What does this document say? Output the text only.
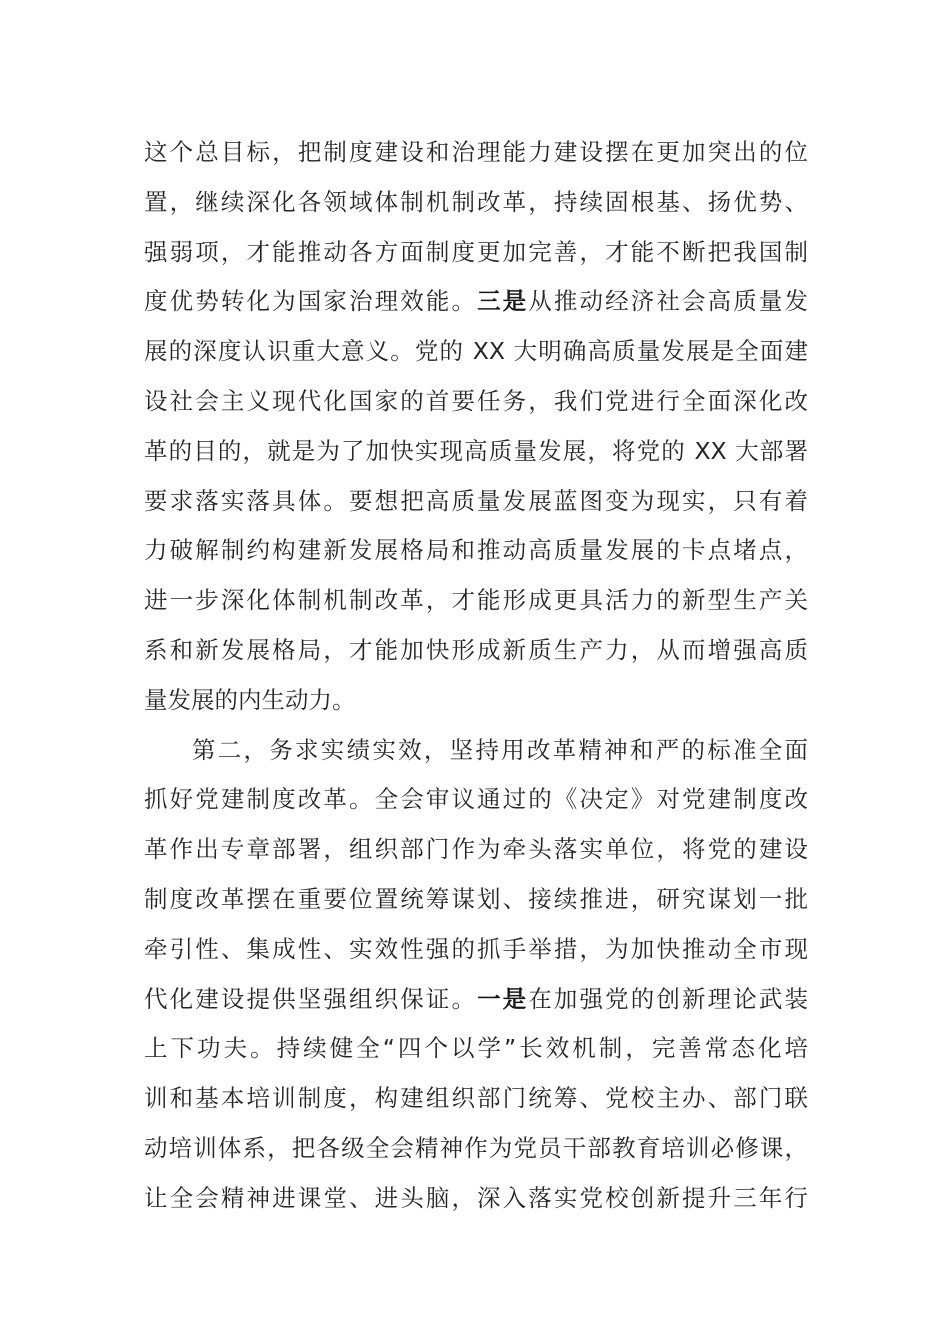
这个总目标，把制度建设和治理能力建设摆在更加突出的位
置，继续深化各领域体制机制改革，持续固根基、扬优势、
强弱项，才能推动各方面制度更加完善，才能不断把我国制
度优势转化为国家治理效能。三是从推动经济社会高质量发
展的深度认识重大意义。党的 XX 大明确高质量发展是全面建
设社会主义现代化国家的首要任务，我们党进行全面深化改
革的目的，就是为了加快实现高质量发展，将党的 XX 大部署
要求落实落具体。要想把高质量发展蓝图变为现实，只有着
力破解制约构建新发展格局和推动高质量发展的卡点堵点，
进一步深化体制机制改革，才能形成更具活力的新型生产关
系和新发展格局，才能加快形成新质生产力，从而增强高质
量发展的内生动力。
第二，务求实绩实效，坚持用改革精神和严的标准全面
抓好党建制度改革。全会审议通过的《决定》对党建制度改
革作出专章部署，组织部门作为牵头落实单位，将党的建设
制度改革摆在重要位置统筹谋划、接续推进，研究谋划一批
牵引性、集成性、实效性强的抓手举措，为加快推动全市现
代化建设提供坚强组织保证。一是在加强党的创新理论武装
上下功夫。持续健全“四个以学”长效机制，完善常态化培
训和基本培训制度，构建组织部门统筹、党校主办、部门联
动培训体系，把各级全会精神作为党员干部教育培训必修课，
让全会精神进课堂、进头脑，深入落实党校创新提升三年行
